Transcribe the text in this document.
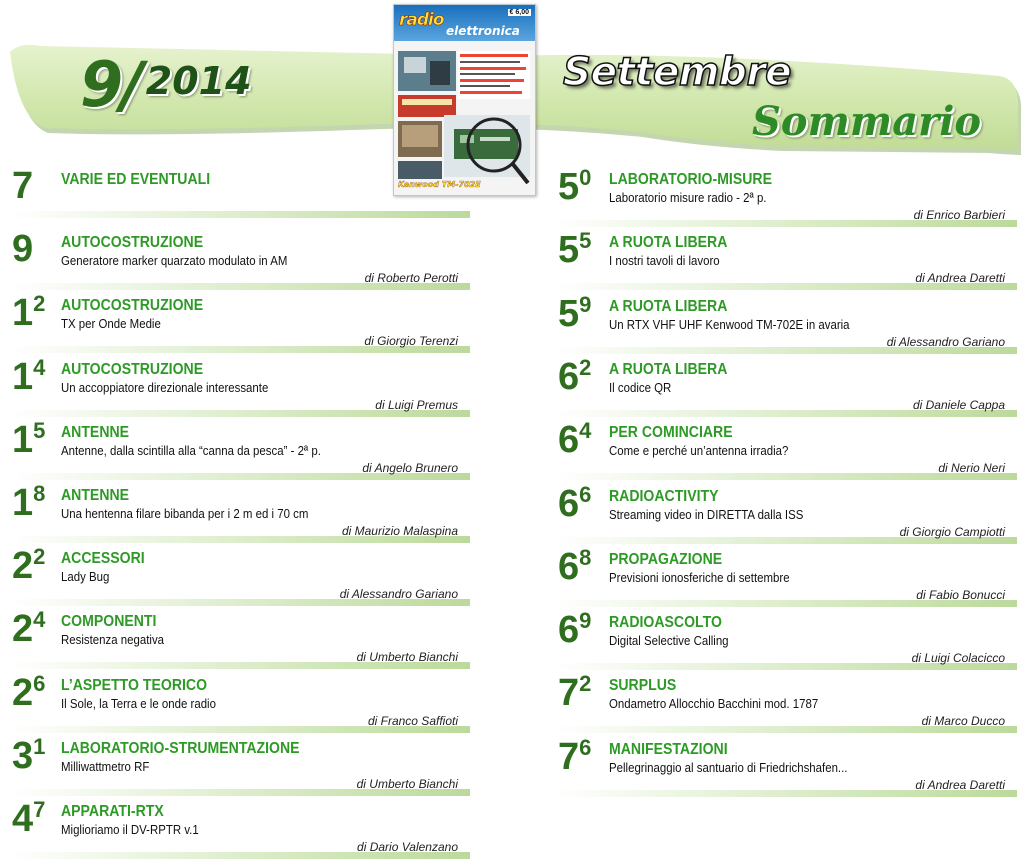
9/ 2014	Settembre
Sommario
radio
elettronica
€ 6,00
Kenwood TM-702E
7 VARIE ED EVENTUALI
9 AUTOCOSTRUZIONE
Generatore marker quarzato modulato in AM
di Roberto Perotti
$1^2$ AUTOCOSTRUZIONE
TX per Onde Medie
di Giorgio Terenzi
$1^4$ AUTOCOSTRUZIONE
Un accoppiatore direzionale interessante
di Luigi Premus
$1^5$ ANTENNE
Antenne, dalla scintilla alla “canna da pesca” - 2ª p.
di Angelo Brunero
$1^8$ ANTENNE
Una hentenna filare bibanda per i 2 m ed i 70 cm
di Maurizio Malaspina
$2^2$ ACCESSORI
Lady Bug
di Alessandro Gariano
$2^4$ COMPONENTI
Resistenza negativa
di Umberto Bianchi
$2^6$ L’ASPETTO TEORICO
Il Sole, la Terra e le onde radio
di Franco Saffioti
$3^1$ LABORATORIO-STRUMENTAZIONE
Milliwattmetro RF
di Umberto Bianchi
$4^7$ APPARATI-RTX
Miglioriamo il DV-RPTR v.1
di Dario Valenzano
$5^0$ LABORATORIO-MISURE
Laboratorio misure radio - 2ª p.
di Enrico Barbieri
$5^5$ A RUOTA LIBERA
I nostri tavoli di lavoro
di Andrea Daretti
$5^9$ A RUOTA LIBERA
Un RTX VHF UHF Kenwood TM-702E in avaria
di Alessandro Gariano
$6^2$ A RUOTA LIBERA
Il codice QR
di Daniele Cappa
$6^4$ PER COMINCIARE
Come e perché un’antenna irradia?
di Nerio Neri
$6^6$ RADIOACTIVITY
Streaming video in DIRETTA dalla ISS
di Giorgio Campiotti
$6^8$ PROPAGAZIONE
Previsioni ionosferiche di settembre
di Fabio Bonucci
$6^9$ RADIOASCOLTO
Digital Selective Calling
di Luigi Colacicco
$7^2$ SURPLUS
Ondametro Allocchio Bacchini mod. 1787
di Marco Ducco
$7^6$ MANIFESTAZIONI
Pellegrinaggio al santuario di Friedrichshafen...
di Andrea Daretti
